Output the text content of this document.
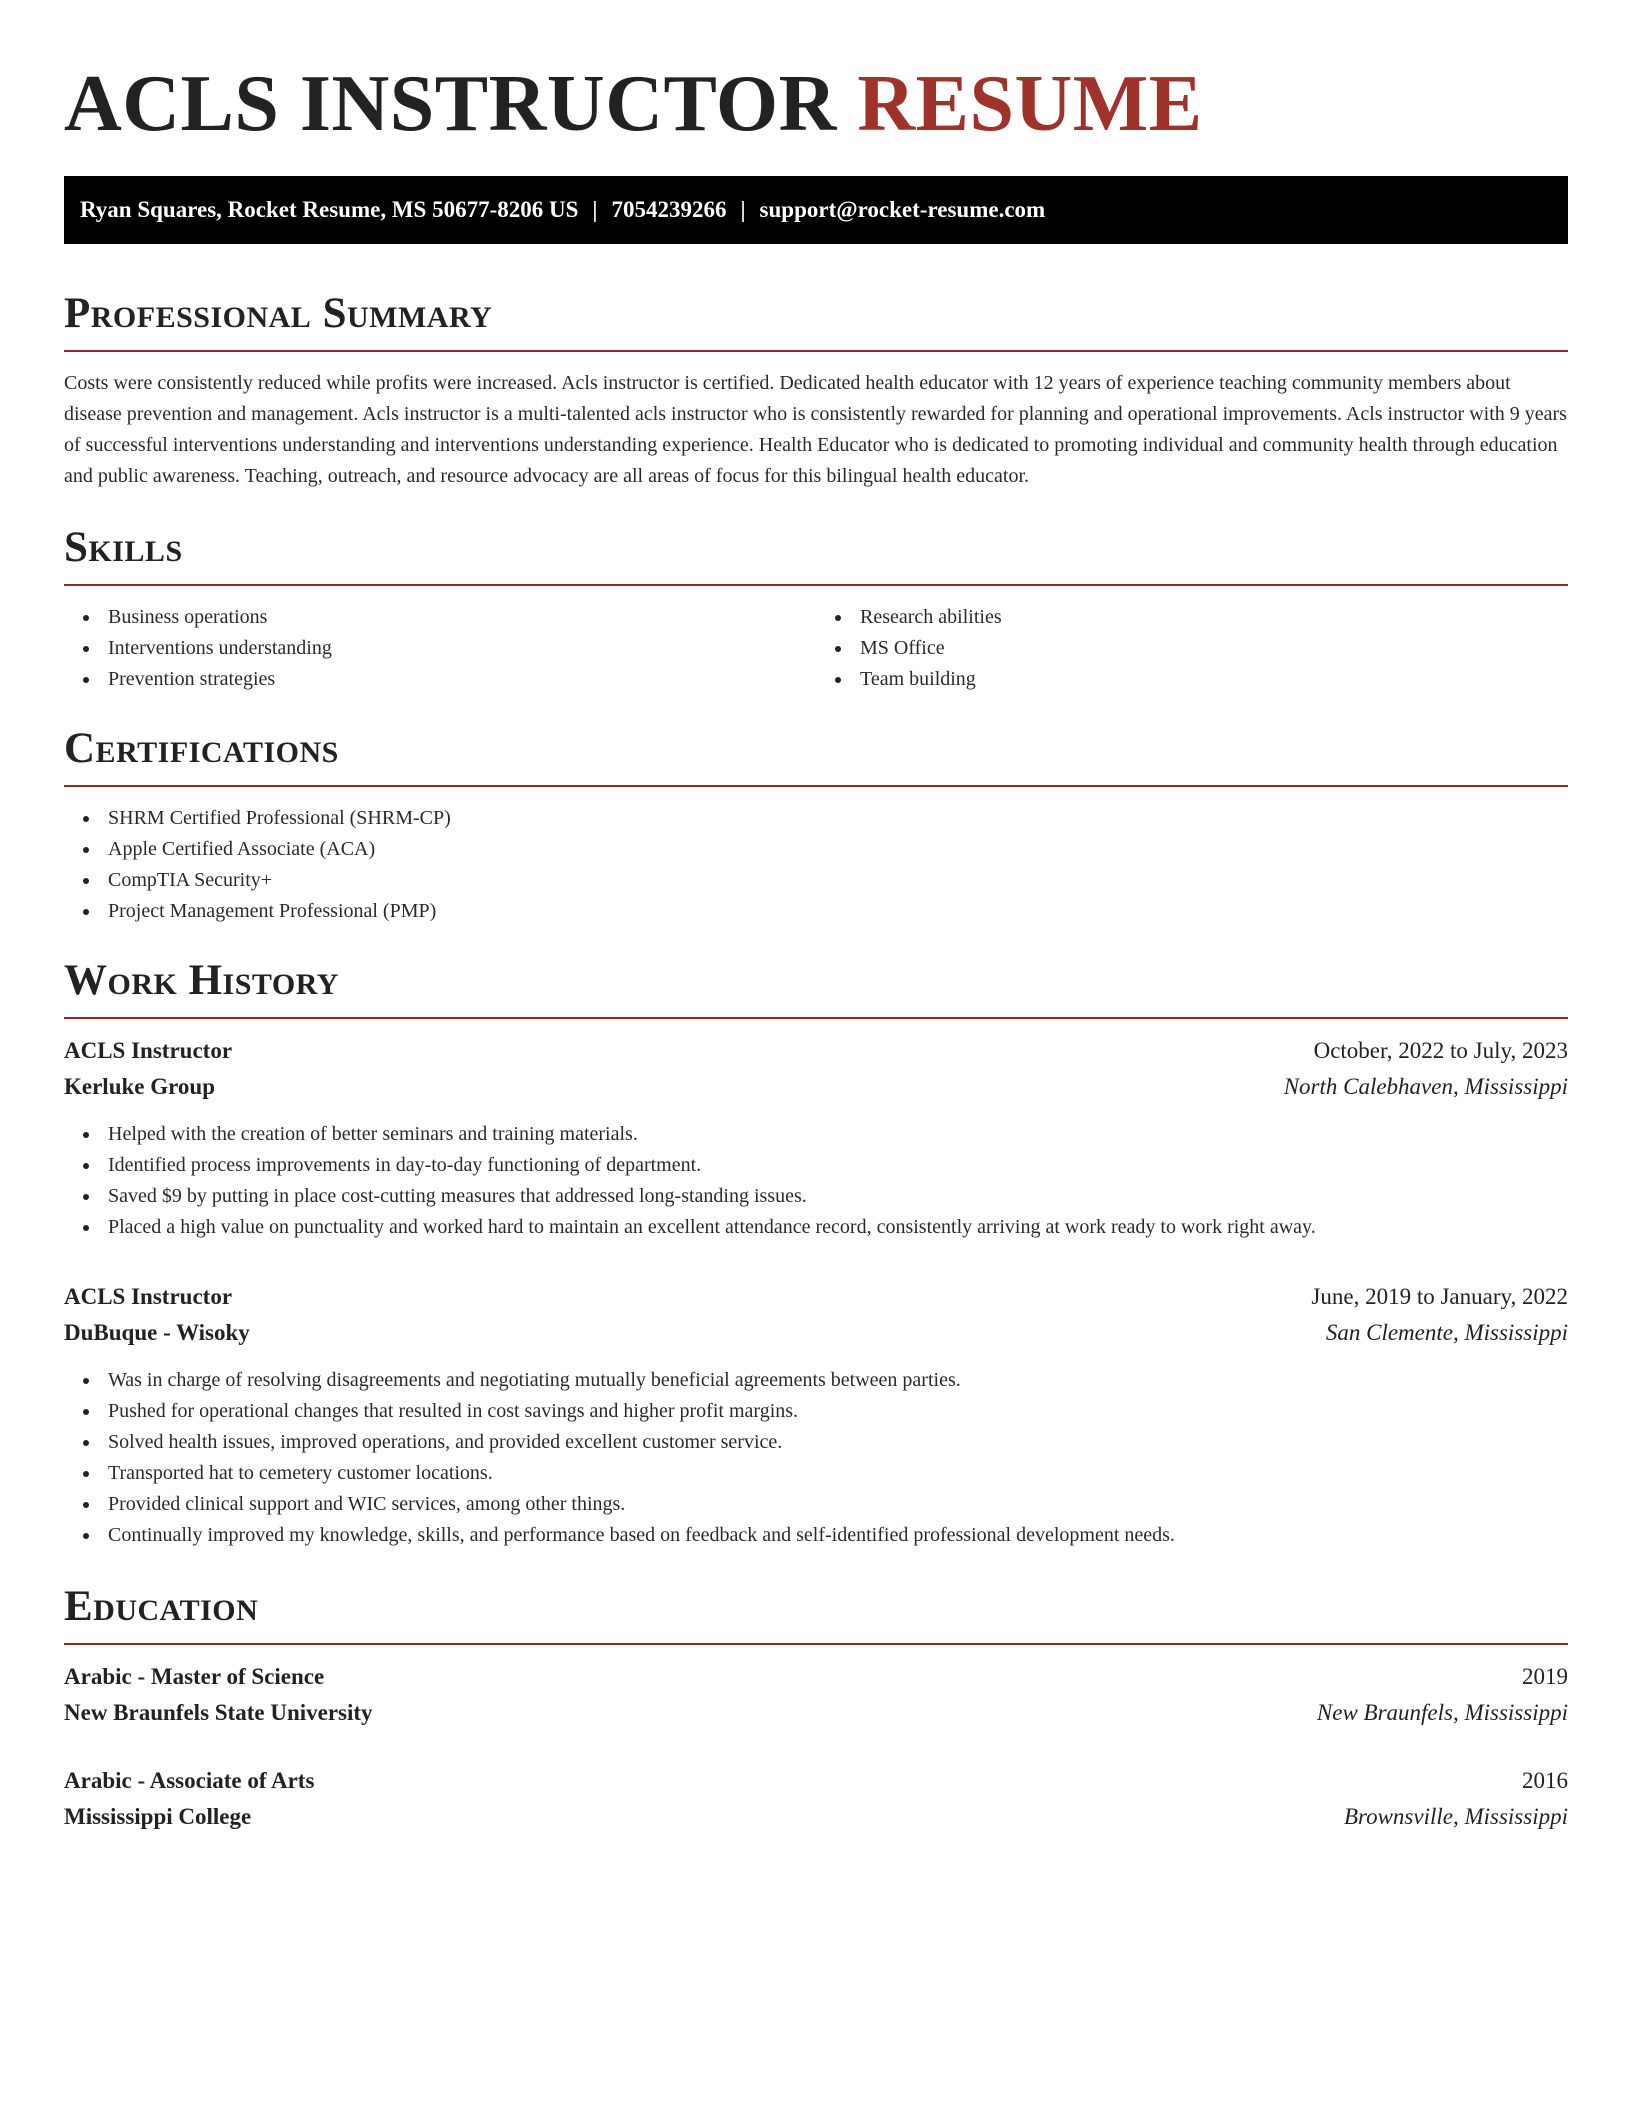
ACLS INSTRUCTOR RESUME
Ryan Squares, Rocket Resume, MS 50677-8206 US | 7054239266 | support@rocket-resume.com
Professional Summary

Costs were consistently reduced while profits were increased. Acls instructor is certified. Dedicated health educator with 12 years of experience teaching community members about disease prevention and management. Acls instructor is a multi-talented acls instructor who is consistently rewarded for planning and operational improvements. Acls instructor with 9 years of successful interventions understanding and interventions understanding experience. Health Educator who is dedicated to promoting individual and community health through education and public awareness. Teaching, outreach, and resource advocacy are all areas of focus for this bilingual health educator.

Skills
Business operations
Interventions understanding
Prevention strategies
Research abilities
MS Office
Team building
Certifications
SHRM Certified Professional (SHRM-CP)
Apple Certified Associate (ACA)
CompTIA Security+
Project Management Professional (PMP)
Work History
ACLS Instructor	October, 2022 to July, 2023
Kerluke Group	North Calebhaven, Mississippi
Helped with the creation of better seminars and training materials.
Identified process improvements in day-to-day functioning of department.
Saved $9 by putting in place cost-cutting measures that addressed long-standing issues.
Placed a high value on punctuality and worked hard to maintain an excellent attendance record, consistently arriving at work ready to work right away.
ACLS Instructor	June, 2019 to January, 2022
DuBuque - Wisoky	San Clemente, Mississippi
Was in charge of resolving disagreements and negotiating mutually beneficial agreements between parties.
Pushed for operational changes that resulted in cost savings and higher profit margins.
Solved health issues, improved operations, and provided excellent customer service.
Transported hat to cemetery customer locations.
Provided clinical support and WIC services, among other things.
Continually improved my knowledge, skills, and performance based on feedback and self-identified professional development needs.
Education
Arabic - Master of Science	2019
New Braunfels State University	New Braunfels, Mississippi
Arabic - Associate of Arts	2016
Mississippi College	Brownsville, Mississippi
